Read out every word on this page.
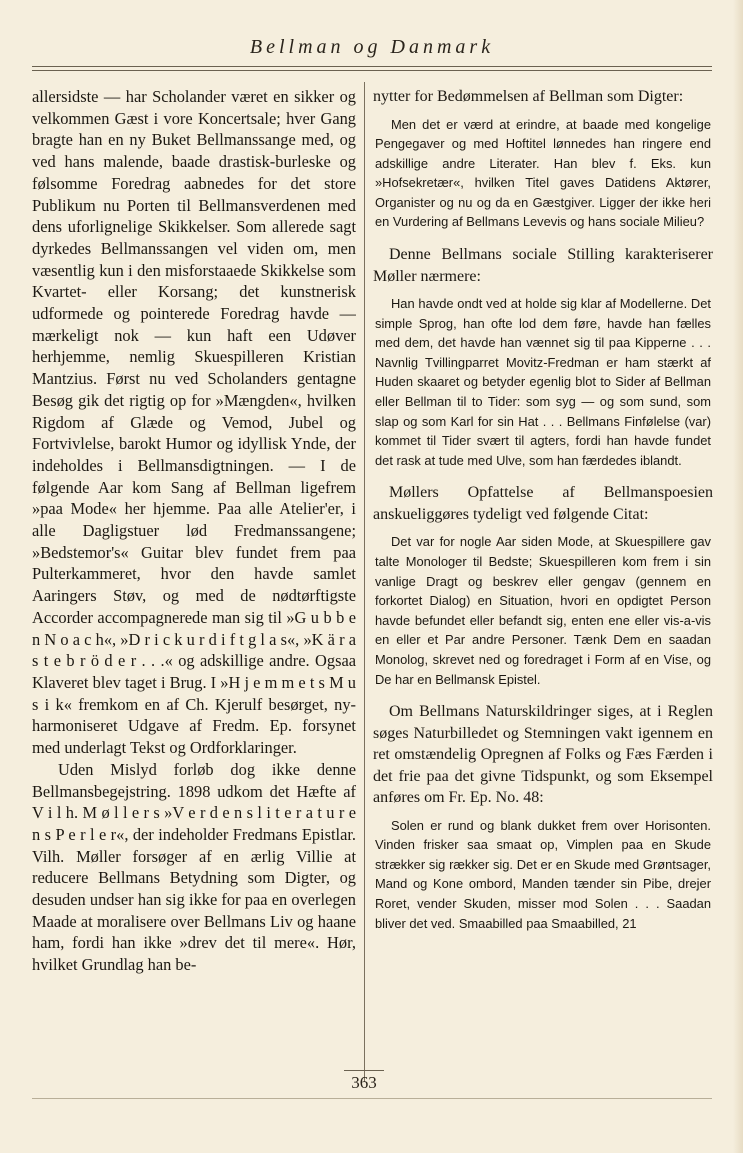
Bellman og Danmark

allersidste — har Scholander været en sikker og velkommen Gæst i vore Koncertsale; hver Gang bragte han en ny Buket Bellmanssange med, og ved hans malende, baade drastisk-burleske og følsomme Foredrag aabnedes for det store Publikum nu Porten til Bellmansverdenen med dens uforlignelige Skikkelser. Som allerede sagt dyrkedes Bellmanssangen vel viden om, men væsentlig kun i den misforstaaede Skikkelse som Kvartet- eller Korsang; det kunstnerisk udformede og pointerede Foredrag havde — mærkeligt nok — kun haft een Udøver herhjemme, nemlig Skuespilleren Kristian Mantzius. Først nu ved Scholanders gentagne Besøg gik det rigtig op for »Mængden«, hvilken Rigdom af Glæde og Vemod, Jubel og Fortvivlelse, barokt Humor og idyllisk Ynde, der indeholdes i Bellmansdigtningen. — I de følgende Aar kom Sang af Bellman ligefrem »paa Mode« her hjemme. Paa alle Atelier'er, i alle Dagligstuer lød Fredmanssangene; »Bedstemor's« Guitar blev fundet frem paa Pulterkammeret, hvor den havde samlet Aaringers Støv, og med de nødtørftigste Accorder accompagnerede man sig til »G u b b e n N o a c h«, »D r i c k u r d i f t g l a s«, »K ä r a s t e b r ö d e r . . .« og adskillige andre. Ogsaa Klaveret blev taget i Brug. I »H j e m m e t s M u s i k« fremkom en af Ch. Kjerulf besørget, ny-harmoniseret Udgave af Fredm. Ep. forsynet med underlagt Tekst og Ordforklaringer.

Uden Mislyd forløb dog ikke denne Bellmansbegejstring. 1898 udkom det Hæfte af V i l h. M ø l l e r s »V e r d e n s l i t e r a t u r e n s P e r l e r«, der indeholder Fredmans Epistlar. Vilh. Møller forsøger af en ærlig Villie at reducere Bellmans Betydning som Digter, og desuden undser han sig ikke for paa en overlegen Maade at moralisere over Bellmans Liv og haane ham, fordi han ikke »drev det til mere«. Hør, hvilket Grundlag han be-

nytter for Bedømmelsen af Bellman som Digter:

Men det er værd at erindre, at baade med kongelige Pengegaver og med Hoftitel lønnedes han ringere end adskillige andre Literater. Han blev f. Eks. kun »Hofsekretær«, hvilken Titel gaves Datidens Aktører, Organister og nu og da en Gæstgiver. Ligger der ikke heri en Vurdering af Bellmans Levevis og hans sociale Milieu?

Denne Bellmans sociale Stilling karakteriserer Møller nærmere:

Han havde ondt ved at holde sig klar af Modellerne. Det simple Sprog, han ofte lod dem føre, havde han fælles med dem, det havde han vænnet sig til paa Kipperne . . . Navnlig Tvillingparret Movitz-Fredman er ham stærkt af Huden skaaret og betyder egenlig blot to Sider af Bellman eller Bellman til to Tider: som syg — og som sund, som slap og som Karl for sin Hat . . . Bellmans Finfølelse (var) kommet til Tider svært til agters, fordi han havde fundet det rask at tude med Ulve, som han færdedes iblandt.

Møllers Opfattelse af Bellmanspoesien anskueliggøres tydeligt ved følgende Citat:

Det var for nogle Aar siden Mode, at Skuespillere gav talte Monologer til Bedste; Skuespilleren kom frem i sin vanlige Dragt og beskrev eller gengav (gennem en forkortet Dialog) en Situation, hvori en opdigtet Person havde befundet eller befandt sig, enten ene eller vis-a-vis en eller et Par andre Personer. Tænk Dem en saadan Monolog, skrevet ned og foredraget i Form af en Vise, og De har en Bellmansk Epistel.

Om Bellmans Naturskildringer siges, at i Reglen søges Naturbilledet og Stemningen vakt igennem en ret omstændelig Opregnen af Folks og Fæs Færden i det frie paa det givne Tidspunkt, og som Eksempel anføres om Fr. Ep. No. 48:

Solen er rund og blank dukket frem over Horisonten. Vinden frisker saa smaat op, Vimplen paa en Skude strækker sig rækker sig. Det er en Skude med Grøntsager, Mand og Kone ombord, Manden tænder sin Pibe, drejer Roret, vender Skuden, misser mod Solen . . . Saadan bliver det ved. Smaabilled paa Smaabilled, 21

363
